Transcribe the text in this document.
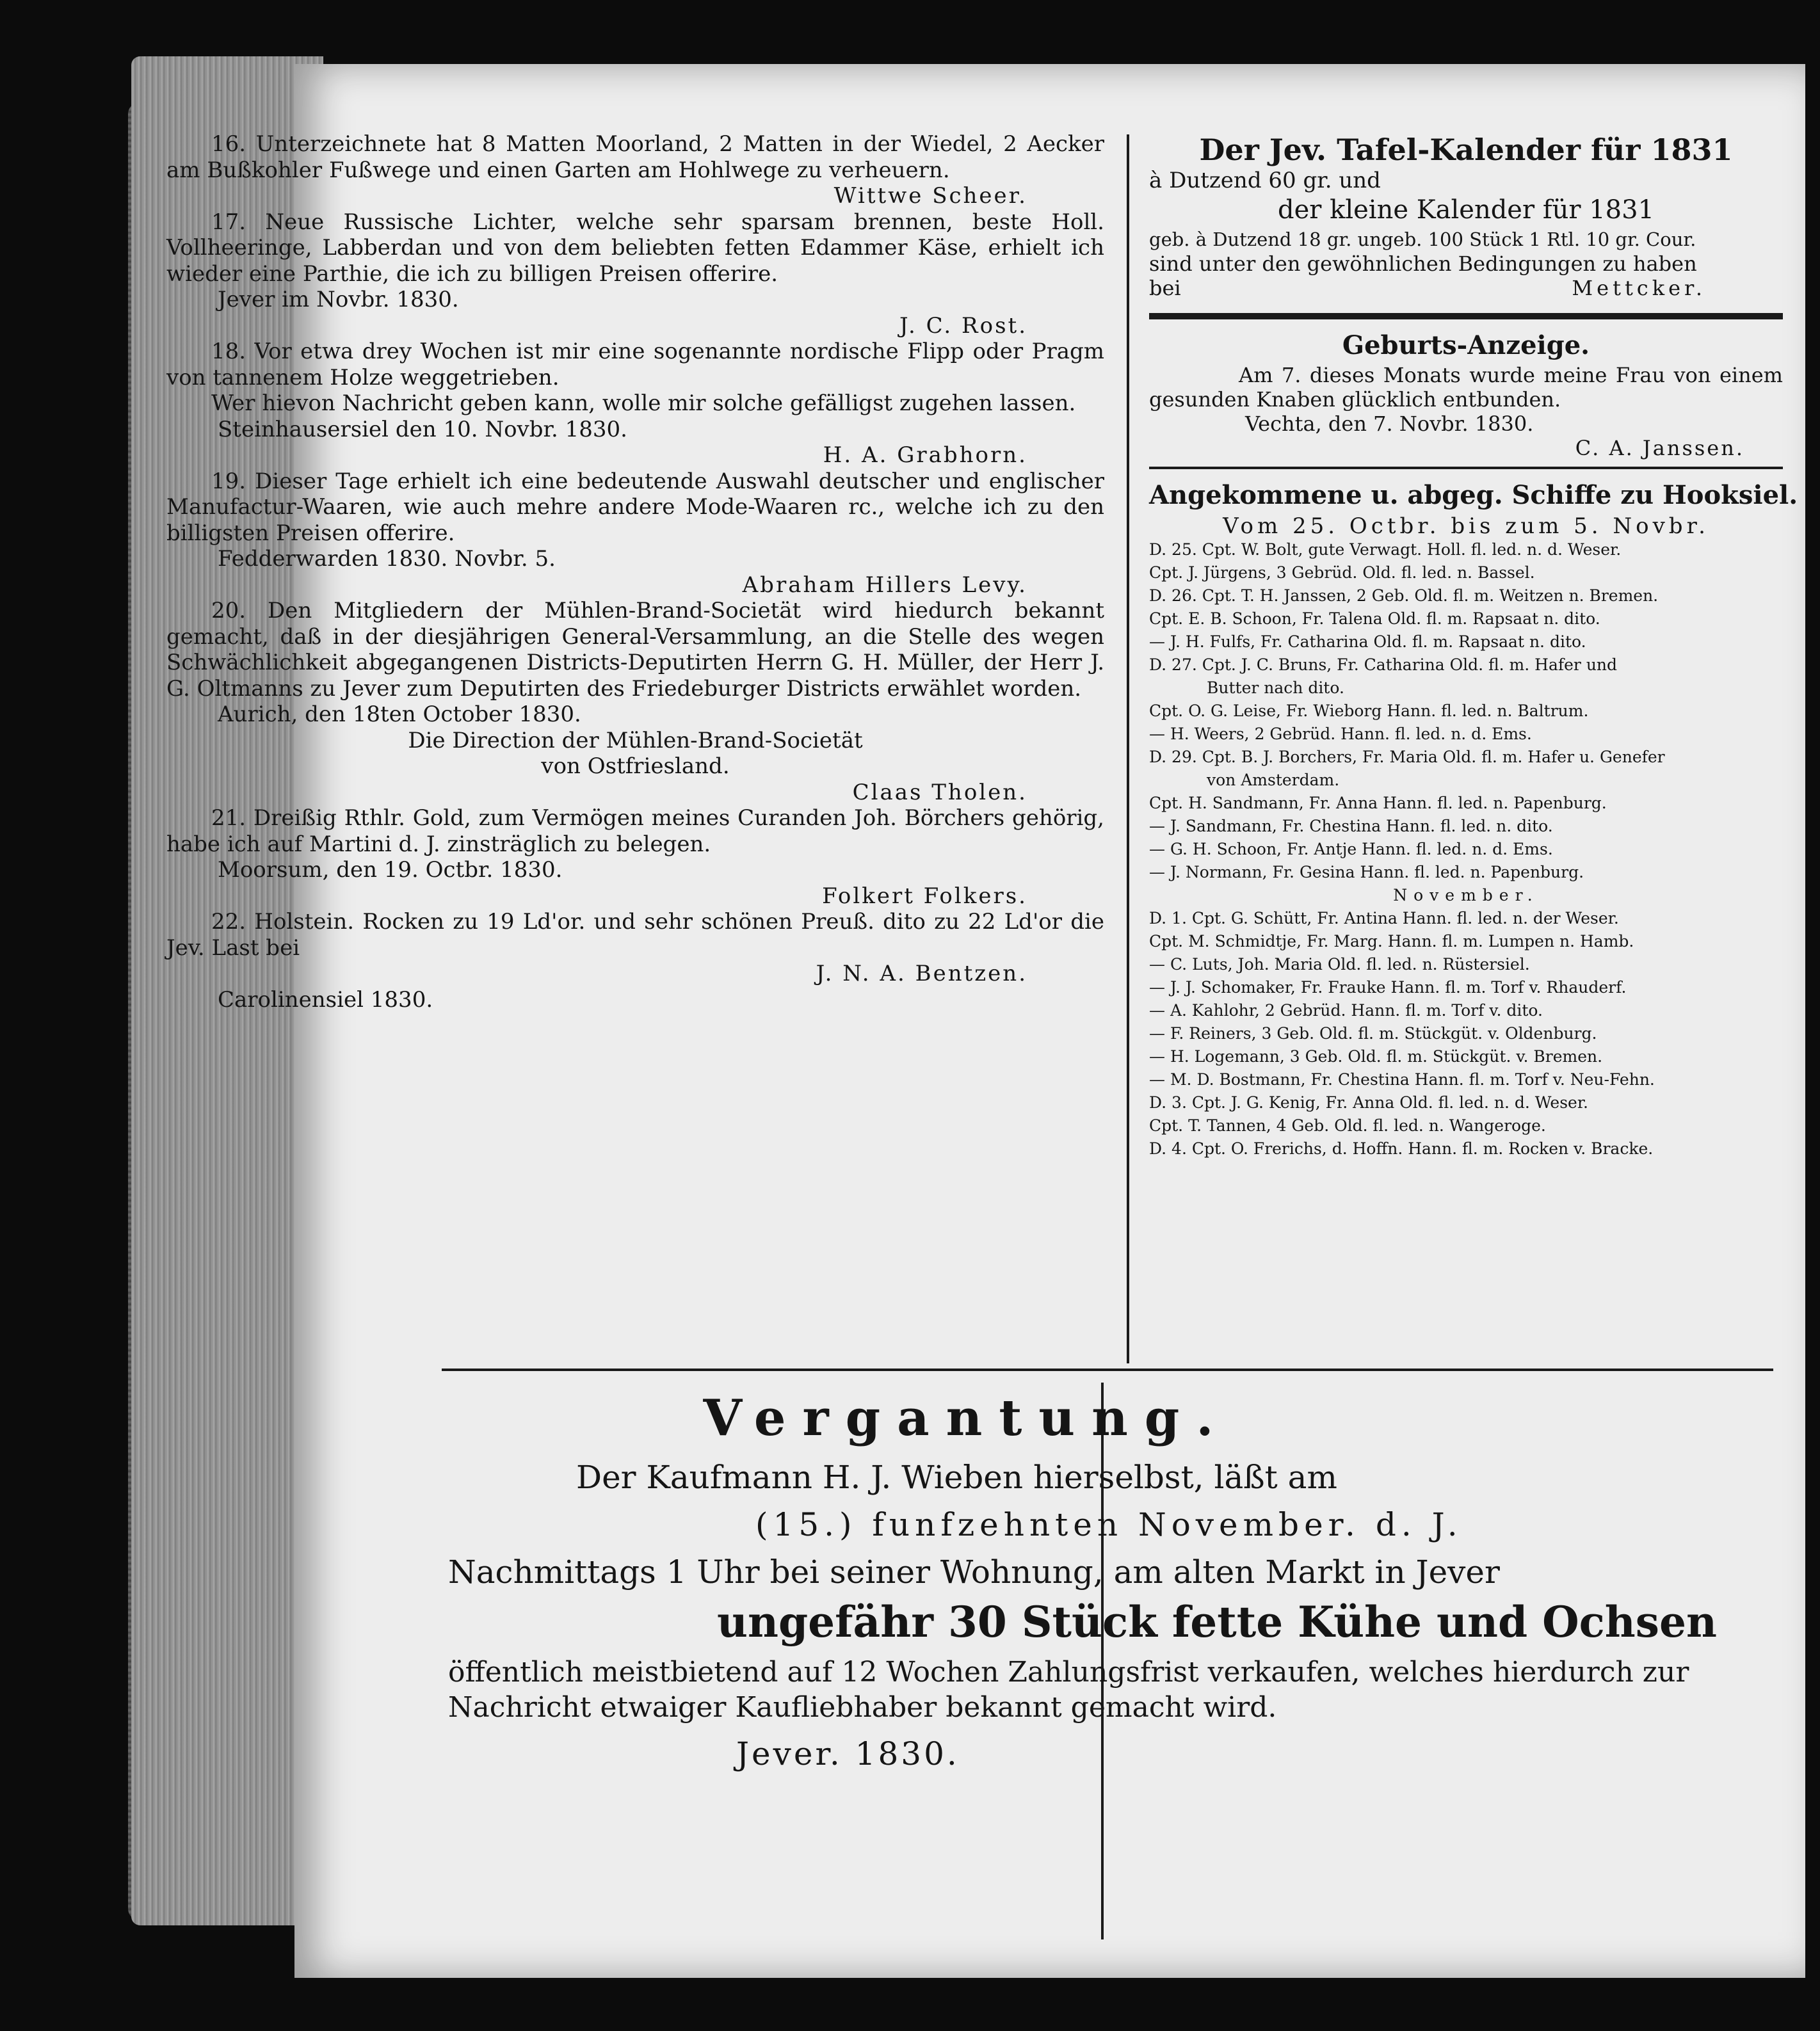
16. Unterzeichnete hat 8 Matten Moorland, 2 Matten in der Wiedel, 2 Aecker am Bußkohler Fußwege und einen Garten am Hohlwege zu verheuern.

Wittwe Scheer.

17. Neue Russische Lichter, welche sehr sparsam brennen, beste Holl. Vollheeringe, Labberdan und von dem beliebten fetten Edammer Käse, erhielt ich wieder eine Parthie, die ich zu billigen Preisen offerire.

Jever im Novbr. 1830.

J. C. Rost.

18. Vor etwa drey Wochen ist mir eine sogenannte nordische Flipp oder Pragm von tannenem Holze weggetrieben.

Wer hievon Nachricht geben kann, wolle mir solche gefälligst zugehen lassen.

Steinhausersiel den 10. Novbr. 1830.

H. A. Grabhorn.

19. Dieser Tage erhielt ich eine bedeutende Auswahl deutscher und englischer Manufactur-Waaren, wie auch mehre andere Mode-Waaren rc., welche ich zu den billigsten Preisen offerire.

Fedderwarden 1830. Novbr. 5.

Abraham Hillers Levy.

20. Den Mitgliedern der Mühlen-Brand-Societät wird hiedurch bekannt gemacht, daß in der diesjährigen General-Versammlung, an die Stelle des wegen Schwächlichkeit abgegangenen Districts-Deputirten Herrn G. H. Müller, der Herr J. G. Oltmanns zu Jever zum Deputirten des Friedeburger Districts erwählet worden.

Aurich, den 18ten October 1830.

Die Direction der Mühlen-Brand-Societät

von Ostfriesland.

Claas Tholen.

21. Dreißig Rthlr. Gold, zum Vermögen meines Curanden Joh. Börchers gehörig, habe ich auf Martini d. J. zinsträglich zu belegen.

Moorsum, den 19. Octbr. 1830.

Folkert Folkers.

22. Holstein. Rocken zu 19 Ld'or. und sehr schönen Preuß. dito zu 22 Ld'or die Jev. Last bei

J. N. A. Bentzen.

Carolinensiel 1830.

Der Jev. Tafel-Kalender für 1831

à Dutzend 60 gr. und

der kleine Kalender für 1831

geb. à Dutzend 18 gr. ungeb. 100 Stück 1 Rtl. 10 gr. Cour.

sind unter den gewöhnlichen Bedingungen zu haben

bei	Mettcker.

Geburts-Anzeige.

Am 7. dieses Monats wurde meine Frau von einem gesunden Knaben glücklich entbunden.

Vechta, den 7. Novbr. 1830.

C. A. Janssen.

Angekommene u. abgeg. Schiffe zu Hooksiel.

Vom 25. Octbr. bis zum 5. Novbr.

D. 25. Cpt. W. Bolt, gute Verwagt. Holl. fl. led. n. d. Weser.

Cpt. J. Jürgens, 3 Gebrüd. Old. fl. led. n. Bassel.

D. 26. Cpt. T. H. Janssen, 2 Geb. Old. fl. m. Weitzen n. Bremen.

Cpt. E. B. Schoon, Fr. Talena Old. fl. m. Rapsaat n. dito.

— J. H. Fulfs, Fr. Catharina Old. fl. m. Rapsaat n. dito.

D. 27. Cpt. J. C. Bruns, Fr. Catharina Old. fl. m. Hafer und

Butter nach dito.

Cpt. O. G. Leise, Fr. Wieborg Hann. fl. led. n. Baltrum.

— H. Weers, 2 Gebrüd. Hann. fl. led. n. d. Ems.

D. 29. Cpt. B. J. Borchers, Fr. Maria Old. fl. m. Hafer u. Genefer

von Amsterdam.

Cpt. H. Sandmann, Fr. Anna Hann. fl. led. n. Papenburg.

— J. Sandmann, Fr. Chestina Hann. fl. led. n. dito.

— G. H. Schoon, Fr. Antje Hann. fl. led. n. d. Ems.

— J. Normann, Fr. Gesina Hann. fl. led. n. Papenburg.

November.

D. 1. Cpt. G. Schütt, Fr. Antina Hann. fl. led. n. der Weser.

Cpt. M. Schmidtje, Fr. Marg. Hann. fl. m. Lumpen n. Hamb.

— C. Luts, Joh. Maria Old. fl. led. n. Rüstersiel.

— J. J. Schomaker, Fr. Frauke Hann. fl. m. Torf v. Rhauderf.

— A. Kahlohr, 2 Gebrüd. Hann. fl. m. Torf v. dito.

— F. Reiners, 3 Geb. Old. fl. m. Stückgüt. v. Oldenburg.

— H. Logemann, 3 Geb. Old. fl. m. Stückgüt. v. Bremen.

— M. D. Bostmann, Fr. Chestina Hann. fl. m. Torf v. Neu-Fehn.

D. 3. Cpt. J. G. Kenig, Fr. Anna Old. fl. led. n. d. Weser.

Cpt. T. Tannen, 4 Geb. Old. fl. led. n. Wangeroge.

D. 4. Cpt. O. Frerichs, d. Hoffn. Hann. fl. m. Rocken v. Bracke.

Vergantung.

Der Kaufmann H. J. Wieben hierselbst, läßt am

(15.) funfzehnten November. d. J.

Nachmittags 1 Uhr bei seiner Wohnung, am alten Markt in Jever

ungefähr 30 Stück fette Kühe und Ochsen

öffentlich meistbietend auf 12 Wochen Zahlungsfrist verkaufen, welches hierdurch zur

Nachricht etwaiger Kaufliebhaber bekannt gemacht wird.

Jever. 1830.
